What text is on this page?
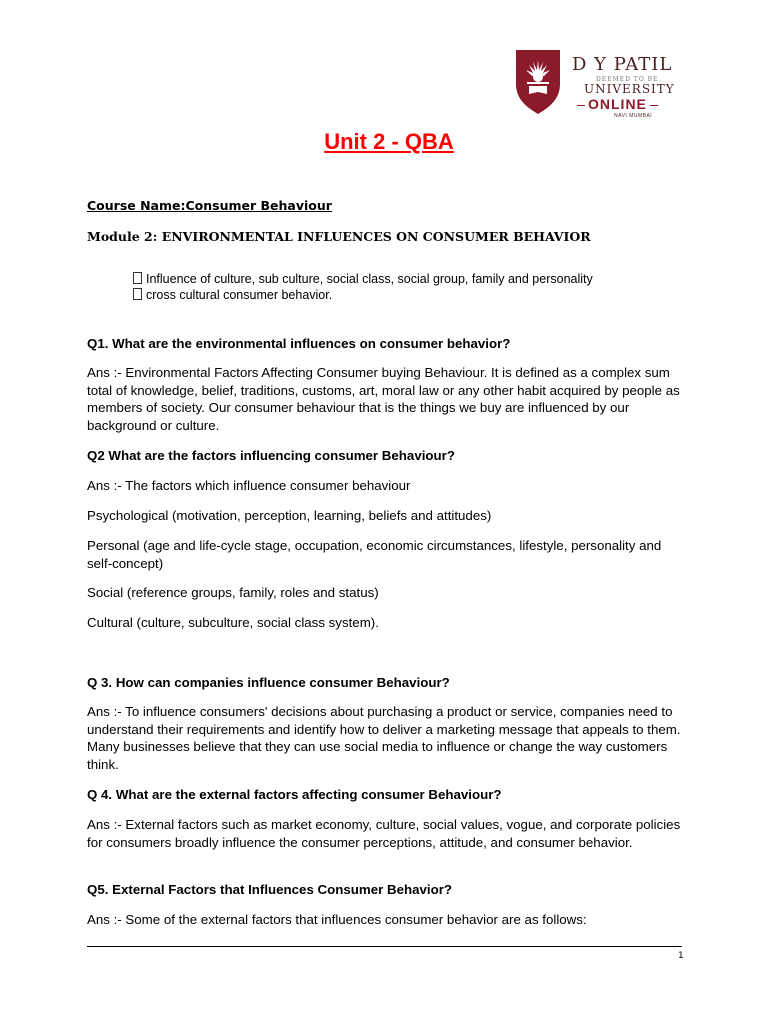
D Y PATIL
DEEMED TO BE
UNIVERSITY
ONLINE
NAVI MUMBAI
Unit 2 - QBA
Course Name:Consumer Behaviour
Module 2: ENVIRONMENTAL INFLUENCES ON CONSUMER BEHAVIOR
Influence of culture, sub culture, social class, social group, family and personality
cross cultural consumer behavior.
Q1. What are the environmental influences on consumer behavior?
Ans :- Environmental Factors Affecting Consumer buying Behaviour. It is defined as a complex sum total of knowledge, belief, traditions, customs, art, moral law or any other habit acquired by people as members of society. Our consumer behaviour that is the things we buy are influenced by our background or culture.
Q2 What are the factors influencing consumer Behaviour?
Ans :- The factors which influence consumer behaviour
Psychological (motivation, perception, learning, beliefs and attitudes)
Personal (age and life-cycle stage, occupation, economic circumstances, lifestyle, personality and self-concept)
Social (reference groups, family, roles and status)
Cultural (culture, subculture, social class system).
Q 3. How can companies influence consumer Behaviour?
Ans :- To influence consumers' decisions about purchasing a product or service, companies need to understand their requirements and identify how to deliver a marketing message that appeals to them. Many businesses believe that they can use social media to influence or change the way customers think.
Q 4. What are the external factors affecting consumer Behaviour?
Ans :- External factors such as market economy, culture, social values, vogue, and corporate policies for consumers broadly influence the consumer perceptions, attitude, and consumer behavior.
Q5. External Factors that Influences Consumer Behavior?
Ans :- Some of the external factors that influences consumer behavior are as follows:
1
